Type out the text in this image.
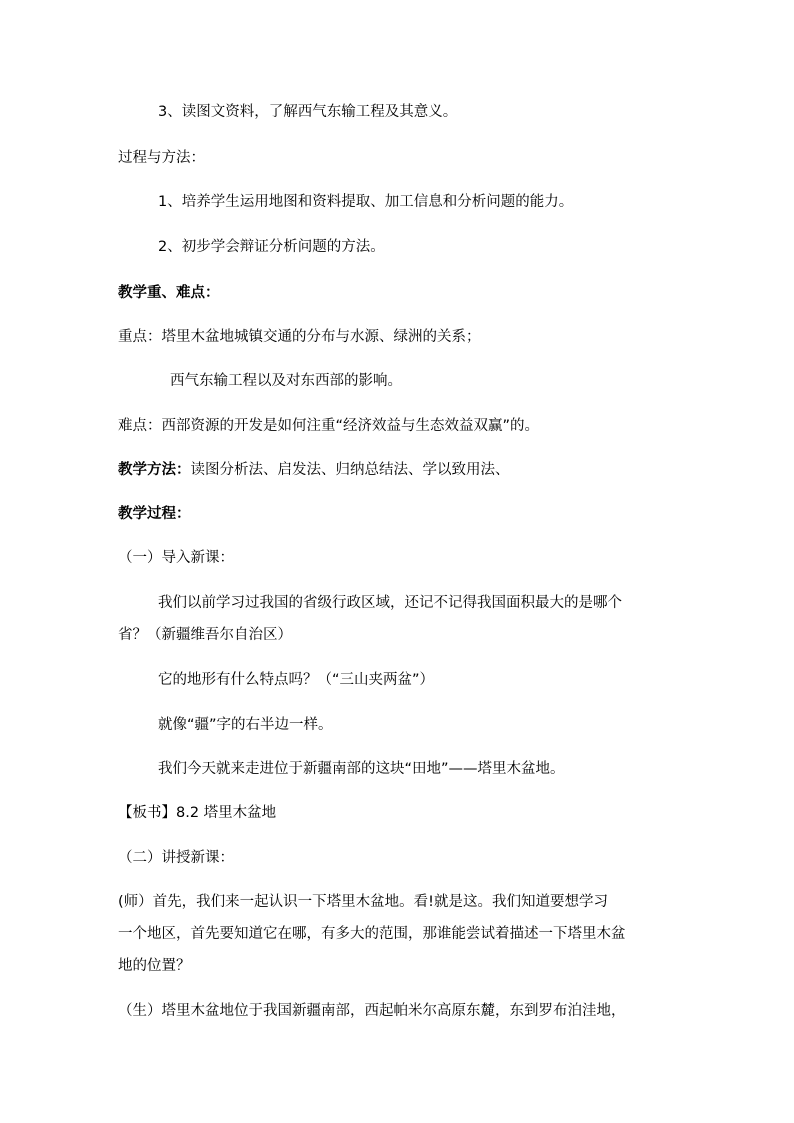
3、读图文资料，了解西气东输工程及其意义。
过程与方法：
1、培养学生运用地图和资料提取、加工信息和分析问题的能力。
2、初步学会辩证分析问题的方法。
教学重、难点：
重点：塔里木盆地城镇交通的分布与水源、绿洲的关系；
西气东输工程以及对东西部的影响。
难点：西部资源的开发是如何注重“经济效益与生态效益双赢”的。
教学方法：读图分析法、启发法、归纳总结法、学以致用法、
教学过程：
（一）导入新课：
我们以前学习过我国的省级行政区域，还记不记得我国面积最大的是哪个
省？（新疆维吾尔自治区）
它的地形有什么特点吗？（“三山夹两盆”）
就像“疆”字的右半边一样。
我们今天就来走进位于新疆南部的这块“田地”——塔里木盆地。
【板书】8.2 塔里木盆地
（二）讲授新课：
(师）首先，我们来一起认识一下塔里木盆地。看!就是这。我们知道要想学习
一个地区，首先要知道它在哪，有多大的范围，那谁能尝试着描述一下塔里木盆
地的位置？
（生）塔里木盆地位于我国新疆南部，西起帕米尔高原东麓，东到罗布泊洼地，
